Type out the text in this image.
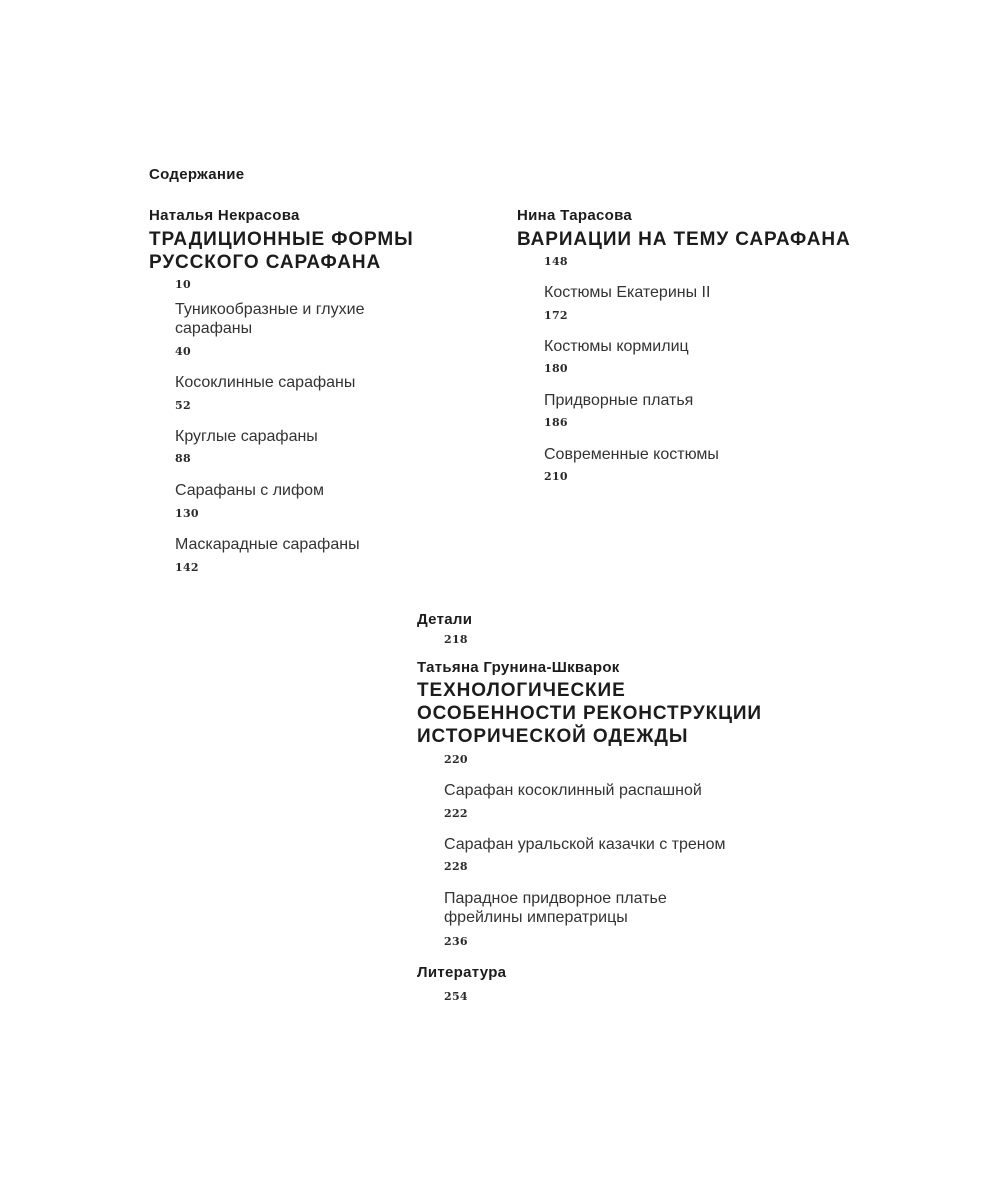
Содержание
Наталья Некрасова
ТРАДИЦИОННЫЕ ФОРМЫ
РУССКОГО САРАФАНА
10
Туникообразные и глухие
сарафаны
40
Косоклинные сарафаны
52
Круглые сарафаны
88
Сарафаны с лифом
130
Маскарадные сарафаны
142
Нина Тарасова
ВАРИАЦИИ НА ТЕМУ САРАФАНА
148
Костюмы Екатерины II
172
Костюмы кормилиц
180
Придворные платья
186
Современные костюмы
210
Детали
218
Татьяна Грунина-Шкварок
ТЕХНОЛОГИЧЕСКИЕ
ОСОБЕННОСТИ РЕКОНСТРУКЦИИ
ИСТОРИЧЕСКОЙ ОДЕЖДЫ
220
Сарафан косоклинный распашной
222
Сарафан уральской казачки с треном
228
Парадное придворное платье
фрейлины императрицы
236
Литература
254
